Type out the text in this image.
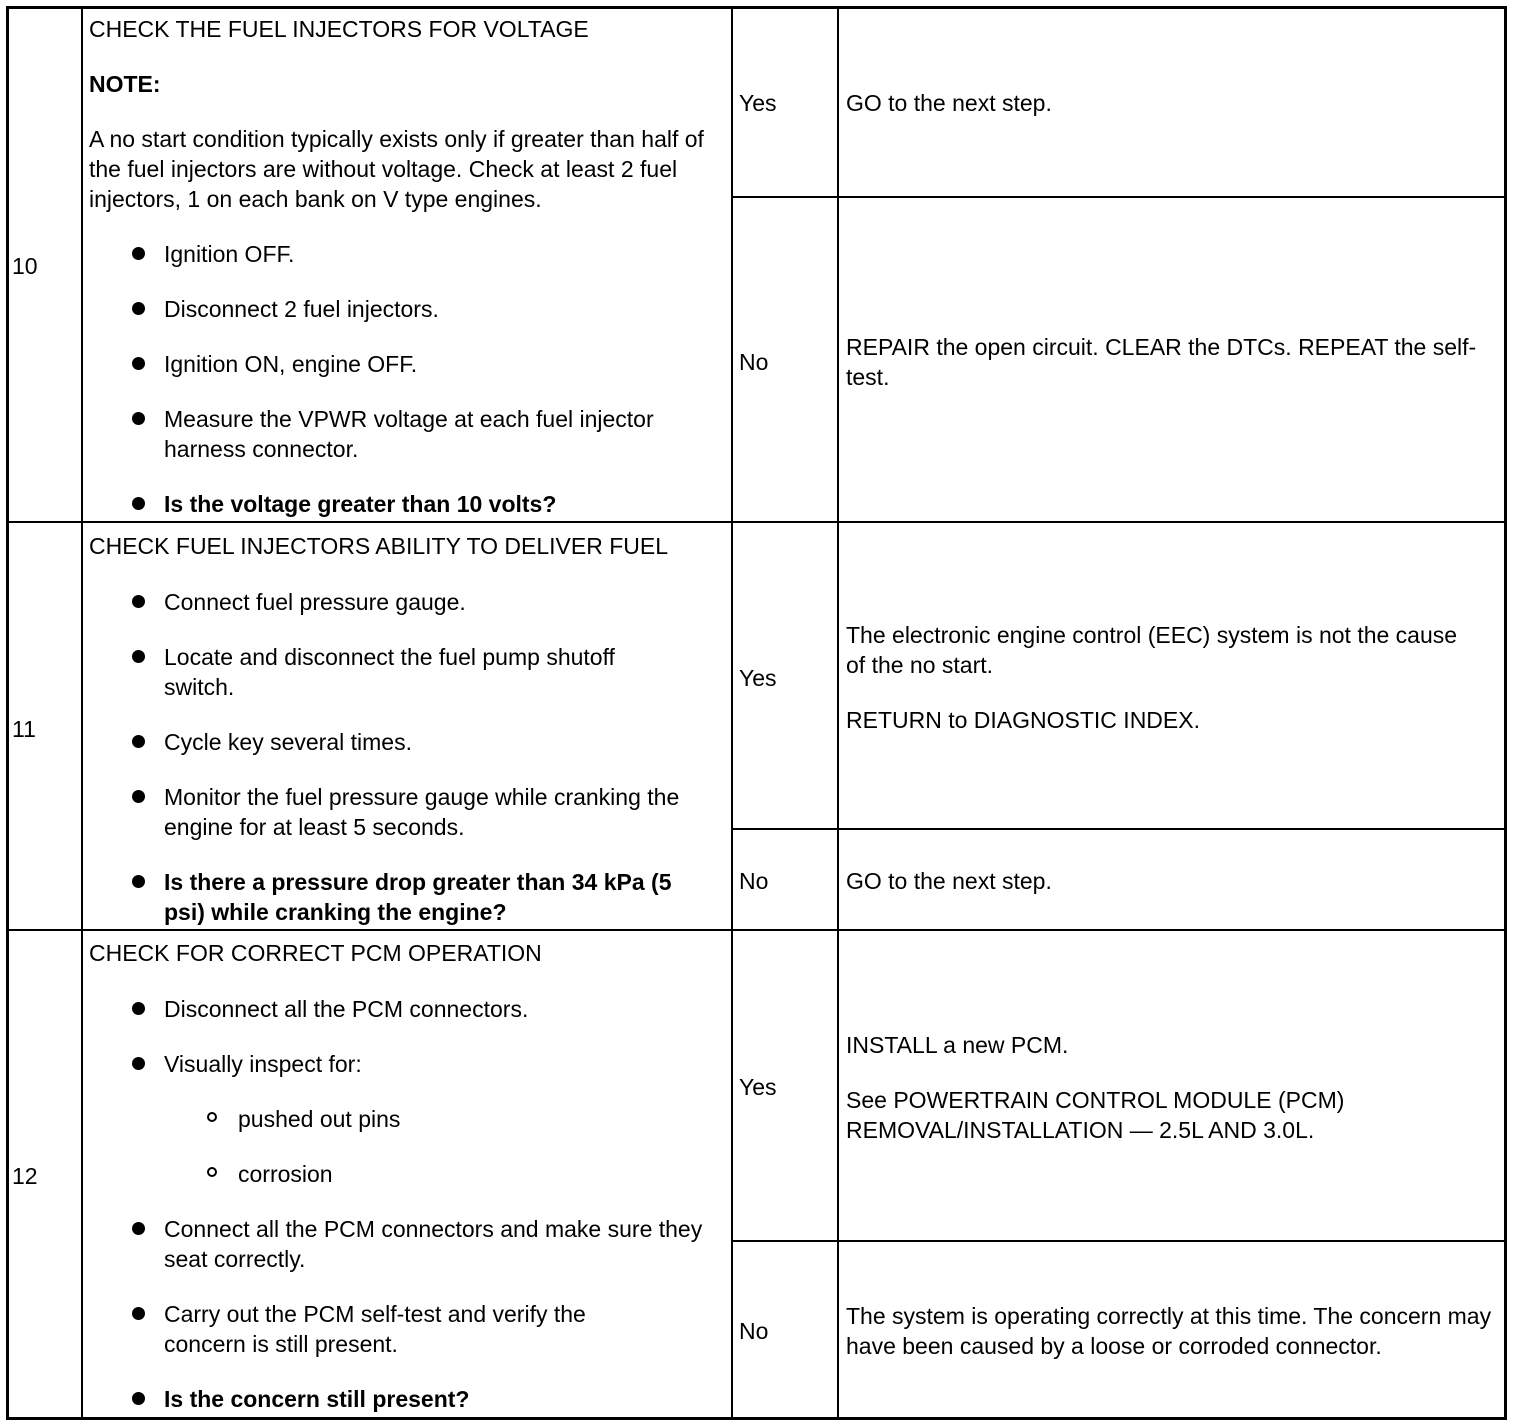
10
CHECK THE FUEL INJECTORS FOR VOLTAGE
NOTE:
A no start condition typically exists only if greater than half of the fuel injectors are without voltage. Check at least 2 fuel injectors, 1 on each bank on V type engines.
Ignition OFF.
Disconnect 2 fuel injectors.
Ignition ON, engine OFF.
Measure the VPWR voltage at each fuel injector harness connector.
Is the voltage greater than 10 volts?
Yes	GO to the next step.
No
REPAIR the open circuit. CLEAR the DTCs. REPEAT the self-test.
11
CHECK FUEL INJECTORS ABILITY TO DELIVER FUEL
Connect fuel pressure gauge.
Locate and disconnect the fuel pump shutoff switch.
Cycle key several times.
Monitor the fuel pressure gauge while cranking the engine for at least 5 seconds.
Is there a pressure drop greater than 34 kPa (5 psi) while cranking the engine?
Yes
The electronic engine control (EEC) system is not the cause of the no start.
RETURN to DIAGNOSTIC INDEX.
No	GO to the next step.
12
CHECK FOR CORRECT PCM OPERATION
Disconnect all the PCM connectors.
Visually inspect for:
pushed out pins
corrosion
Connect all the PCM connectors and make sure they seat correctly.
Carry out the PCM self-test and verify the concern is still present.
Is the concern still present?
Yes
INSTALL a new PCM.
See POWERTRAIN CONTROL MODULE (PCM) REMOVAL/INSTALLATION — 2.5L AND 3.0L.
No
The system is operating correctly at this time. The concern may have been caused by a loose or corroded connector.
